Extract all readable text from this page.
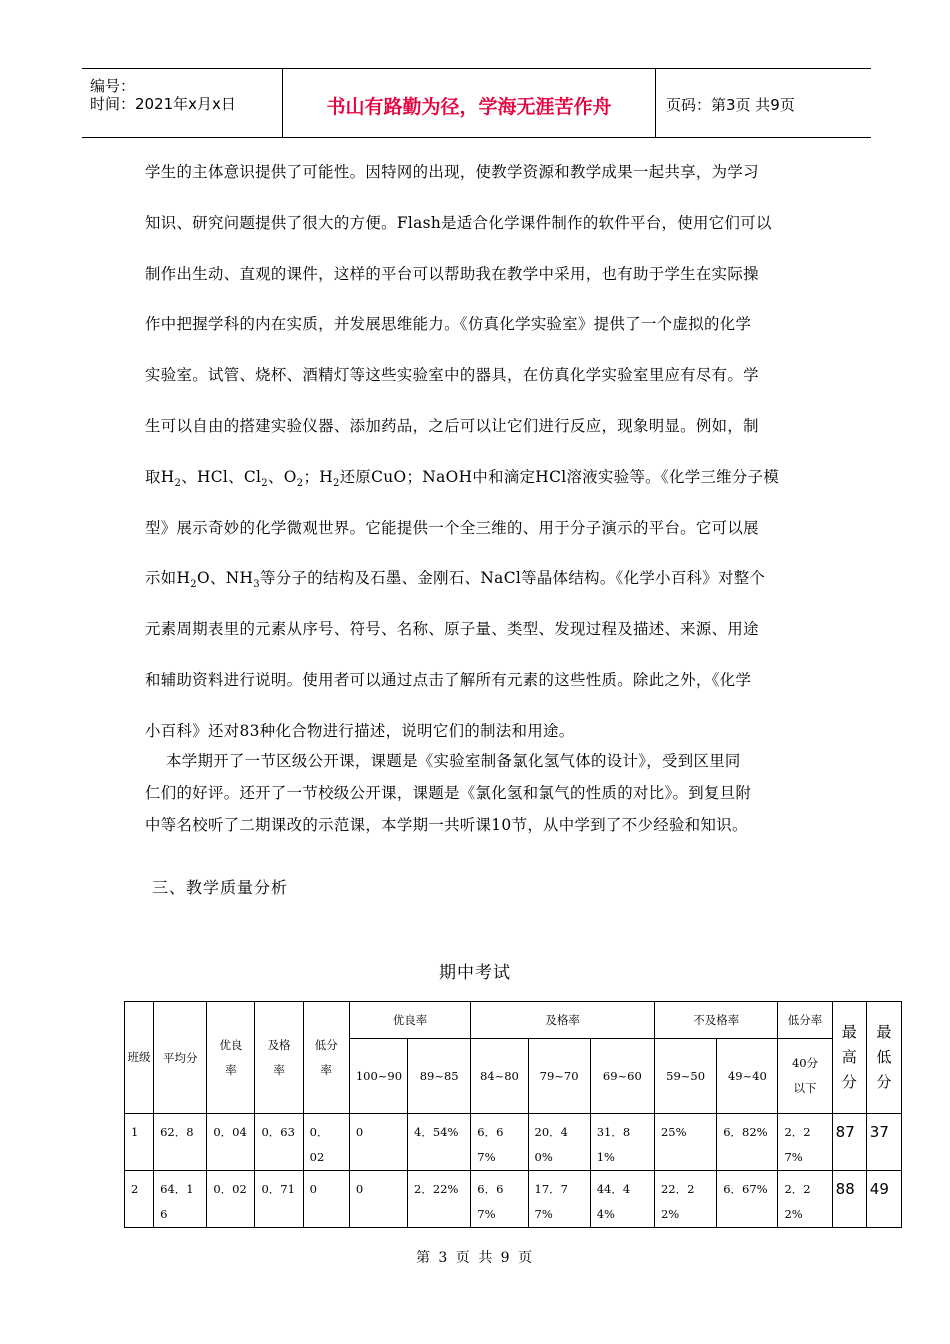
编号：
时间：2021年x月x日	书山有路勤为径，学海无涯苦作舟	页码：第3页 共9页
学生的主体意识提供了可能性。因特网的出现，使教学资源和教学成果一起共享，为学习
知识、研究问题提供了很大的方便。Flash是适合化学课件制作的软件平台，使用它们可以
制作出生动、直观的课件，这样的平台可以帮助我在教学中采用，也有助于学生在实际操
作中把握学科的内在实质，并发展思维能力。《仿真化学实验室》提供了一个虚拟的化学
实验室。试管、烧杯、酒精灯等这些实验室中的器具，在仿真化学实验室里应有尽有。学
生可以自由的搭建实验仪器、添加药品，之后可以让它们进行反应，现象明显。例如，制
取$H_2$、HCl、$Cl_2$、$O_2$；$H_2$还原CuO；NaOH中和滴定HCl溶液实验等。《化学三维分子模
型》展示奇妙的化学微观世界。它能提供一个全三维的、用于分子演示的平台。它可以展
示如$H_2O$、$NH_3$等分子的结构及石墨、金刚石、NaCl等晶体结构。《化学小百科》对整个
元素周期表里的元素从序号、符号、名称、原子量、类型、发现过程及描述、来源、用途
和辅助资料进行说明。使用者可以通过点击了解所有元素的这些性质。除此之外，《化学
小百科》还对83种化合物进行描述，说明它们的制法和用途。
本学期开了一节区级公开课，课题是《实验室制备氯化氢气体的设计》，受到区里同
仁们的好评。还开了一节校级公开课，课题是《氯化氢和氯气的性质的对比》。到复旦附
中等名校听了二期课改的示范课，本学期一共听课10节，从中学到了不少经验和知识。
三、教学质量分析
期中考试
班级	平均分	优良率	及格率	低分率	优良率		及格率			不及格率		低分率	最高分	最低分
					100~90	89~85	84~80	79~70	69~60	59~50	49~40	40分以下		
1	62．8	0．04	0．63	0．02	0	4．54%	6．67%	20．40%	31．81%	25%	6．82%	2．27%	87	37
2	64．16	0．02	0．71	0	0	2．22%	6．67%	17．77%	44．44%	22．22%	6．67%	2．22%	88	49
第 3 页 共 9 页
